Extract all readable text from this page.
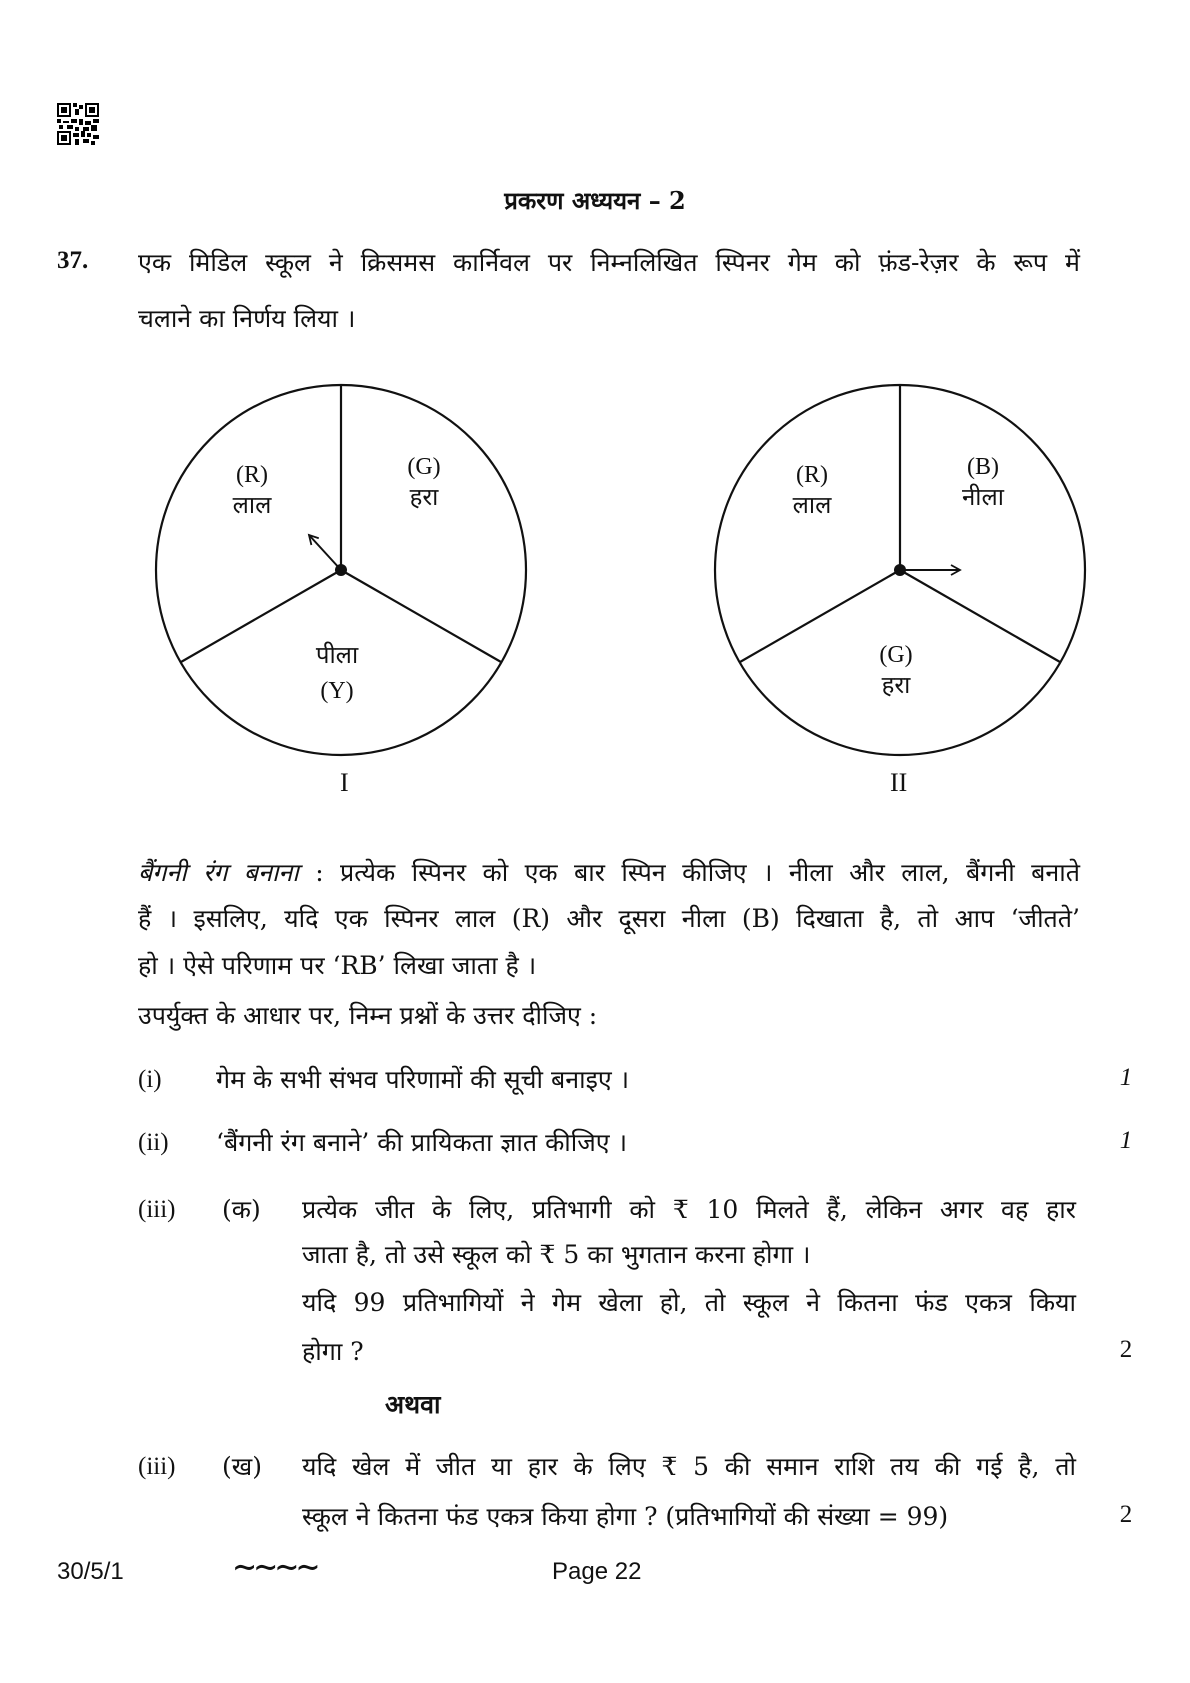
प्रकरण अध्ययन – 2
37. एक मिडिल स्कूल ने क्रिसमस कार्निवल पर निम्नलिखित स्पिनर गेम को फ़ंड-रेज़र के रूप में
चलाने का निर्णय लिया ।
(R)
लाल
(G)
हरा
पीला
(Y)
I
(R)
लाल
(B)
नीला
(G)
हरा
II
बैंगनी रंग बनाना : प्रत्येक स्पिनर को एक बार स्पिन कीजिए । नीला और लाल, बैंगनी बनाते
हैं । इसलिए, यदि एक स्पिनर लाल (R) और दूसरा नीला (B) दिखाता है, तो आप ‘जीतते’
हो । ऐसे परिणाम पर ‘RB’ लिखा जाता है ।
उपर्युक्त के आधार पर, निम्न प्रश्नों के उत्तर दीजिए :
(i) गेम के सभी संभव परिणामों की सूची बनाइए ।	1
(ii) ‘बैंगनी रंग बनाने’ की प्रायिकता ज्ञात कीजिए ।	1
(iii) (क) प्रत्येक जीत के लिए, प्रतिभागी को ₹ 10 मिलते हैं, लेकिन अगर वह हार
जाता है, तो उसे स्कूल को ₹ 5 का भुगतान करना होगा ।
यदि 99 प्रतिभागियों ने गेम खेला हो, तो स्कूल ने कितना फंड एकत्र किया
होगा ?	2
अथवा
(iii) (ख) यदि खेल में जीत या हार के लिए ₹ 5 की समान राशि तय की गई है, तो
स्कूल ने कितना फंड एकत्र किया होगा ? (प्रतिभागियों की संख्या = 99)	2
30/5/1	∼∼∼∼	Page 22
